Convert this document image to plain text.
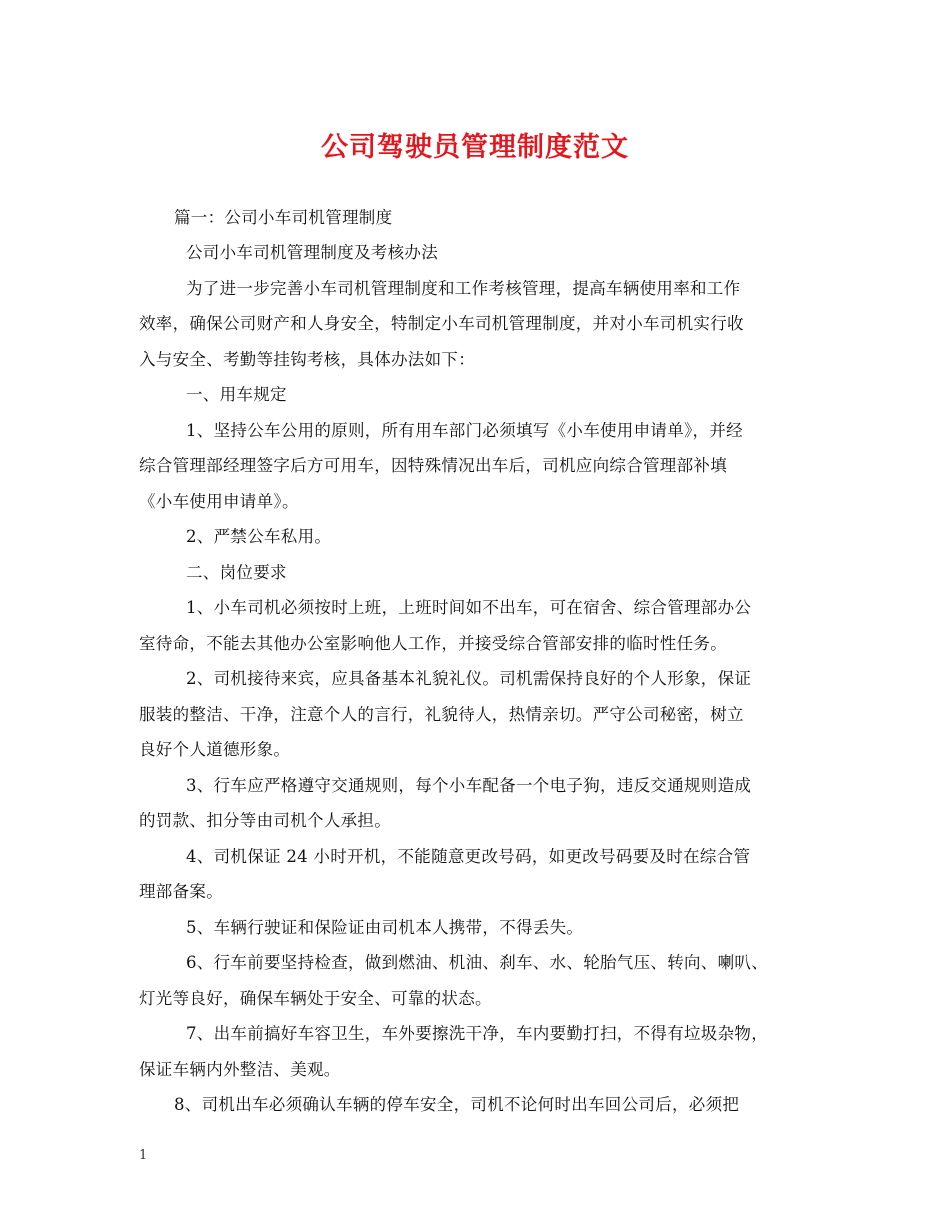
公司驾驶员管理制度范文
篇一：公司小车司机管理制度
公司小车司机管理制度及考核办法
为了进一步完善小车司机管理制度和工作考核管理，提高车辆使用率和工作
效率，确保公司财产和人身安全，特制定小车司机管理制度，并对小车司机实行收
入与安全、考勤等挂钩考核，具体办法如下：
一、用车规定
1、坚持公车公用的原则，所有用车部门必须填写《小车使用申请单》，并经
综合管理部经理签字后方可用车，因特殊情况出车后，司机应向综合管理部补填
《小车使用申请单》。
2、严禁公车私用。
二、岗位要求
1、小车司机必须按时上班，上班时间如不出车，可在宿舍、综合管理部办公
室待命，不能去其他办公室影响他人工作，并接受综合管部安排的临时性任务。
2、司机接待来宾，应具备基本礼貌礼仪。司机需保持良好的个人形象，保证
服装的整洁、干净，注意个人的言行，礼貌待人，热情亲切。严守公司秘密，树立
良好个人道德形象。
3、行车应严格遵守交通规则，每个小车配备一个电子狗，违反交通规则造成
的罚款、扣分等由司机个人承担。
4、司机保证 24 小时开机，不能随意更改号码，如更改号码要及时在综合管
理部备案。
5、车辆行驶证和保险证由司机本人携带，不得丢失。
6、行车前要坚持检查，做到燃油、机油、刹车、水、轮胎气压、转向、喇叭、
灯光等良好，确保车辆处于安全、可靠的状态。
7、出车前搞好车容卫生，车外要擦洗干净，车内要勤打扫，不得有垃圾杂物，
保证车辆内外整洁、美观。
8、司机出车必须确认车辆的停车安全，司机不论何时出车回公司后，必须把
1
